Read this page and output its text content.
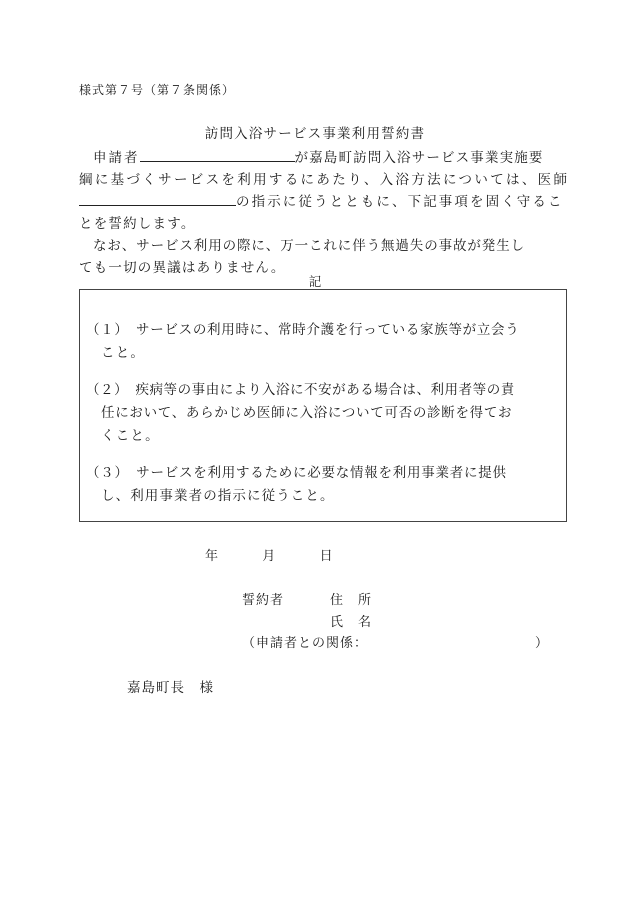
様式第７号（第７条関係）
訪問入浴サービス事業利用誓約書
申請者	が嘉島町訪問入浴サービス事業実施要
綱に基づくサービスを利用するにあたり、入浴方法については、医師
の指示に従うとともに、下記事項を固く守るこ
とを誓約します。
なお、サービス利用の際に、万一これに伴う無過失の事故が発生し
ても一切の異議はありません。
記
（１）　サービスの利用時に、常時介護を行っている家族等が立会う
こと。
（２）　疾病等の事由により入浴に不安がある場合は、利用者等の責
任において、あらかじめ医師に入浴について可否の診断を得てお
くこと。
（３）　サービスを利用するために必要な情報を利用事業者に提供
し、利用事業者の指示に従うこと。
年	月	日
誓約者	住　所
氏　名
（申請者との関係：	）
嘉島町長　様
